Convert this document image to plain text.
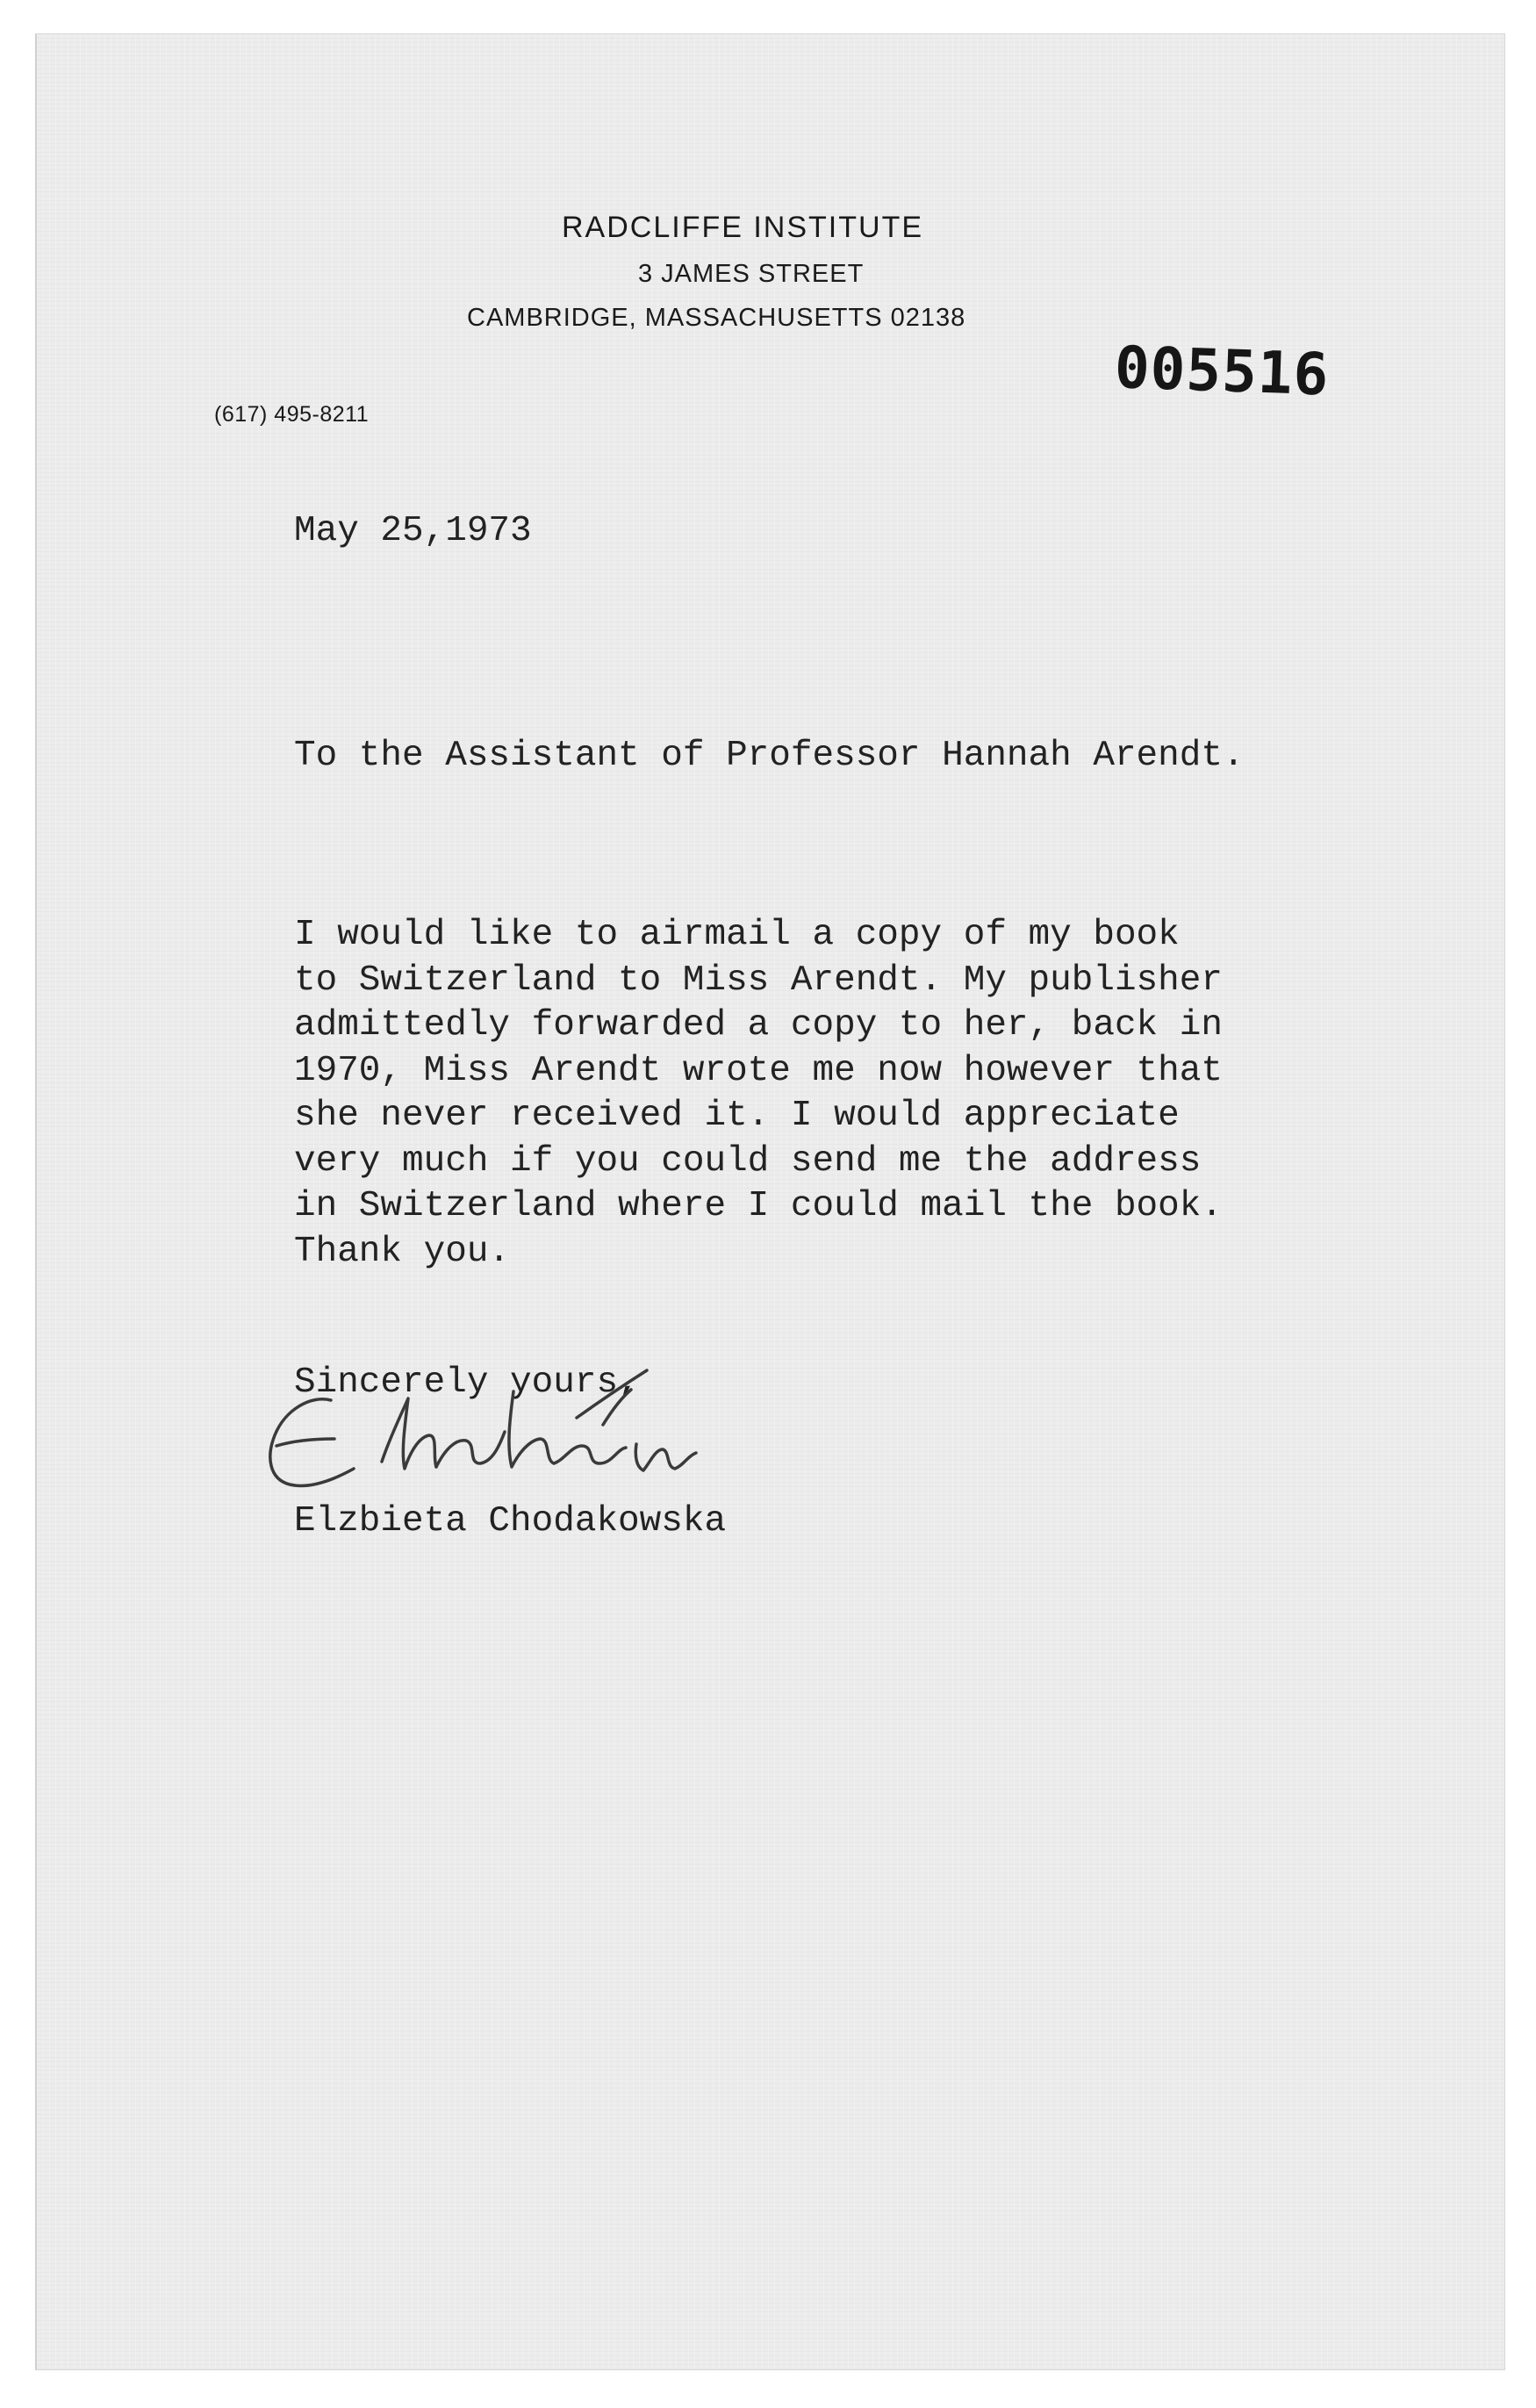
RADCLIFFE INSTITUTE
3 JAMES STREET
CAMBRIDGE, MASSACHUSETTS 02138
(617) 495-8211
005516
May 25,1973
To the Assistant of Professor Hannah Arendt.
I would like to airmail a copy of my book
to Switzerland to Miss Arendt. My publisher
admittedly forwarded a copy to her, back in
1970, Miss Arendt wrote me now however that
she never received it. I would appreciate
very much if you could send me the address
in Switzerland where I could mail the book.
Thank you.
Sincerely yours,
Elzbieta Chodakowska
